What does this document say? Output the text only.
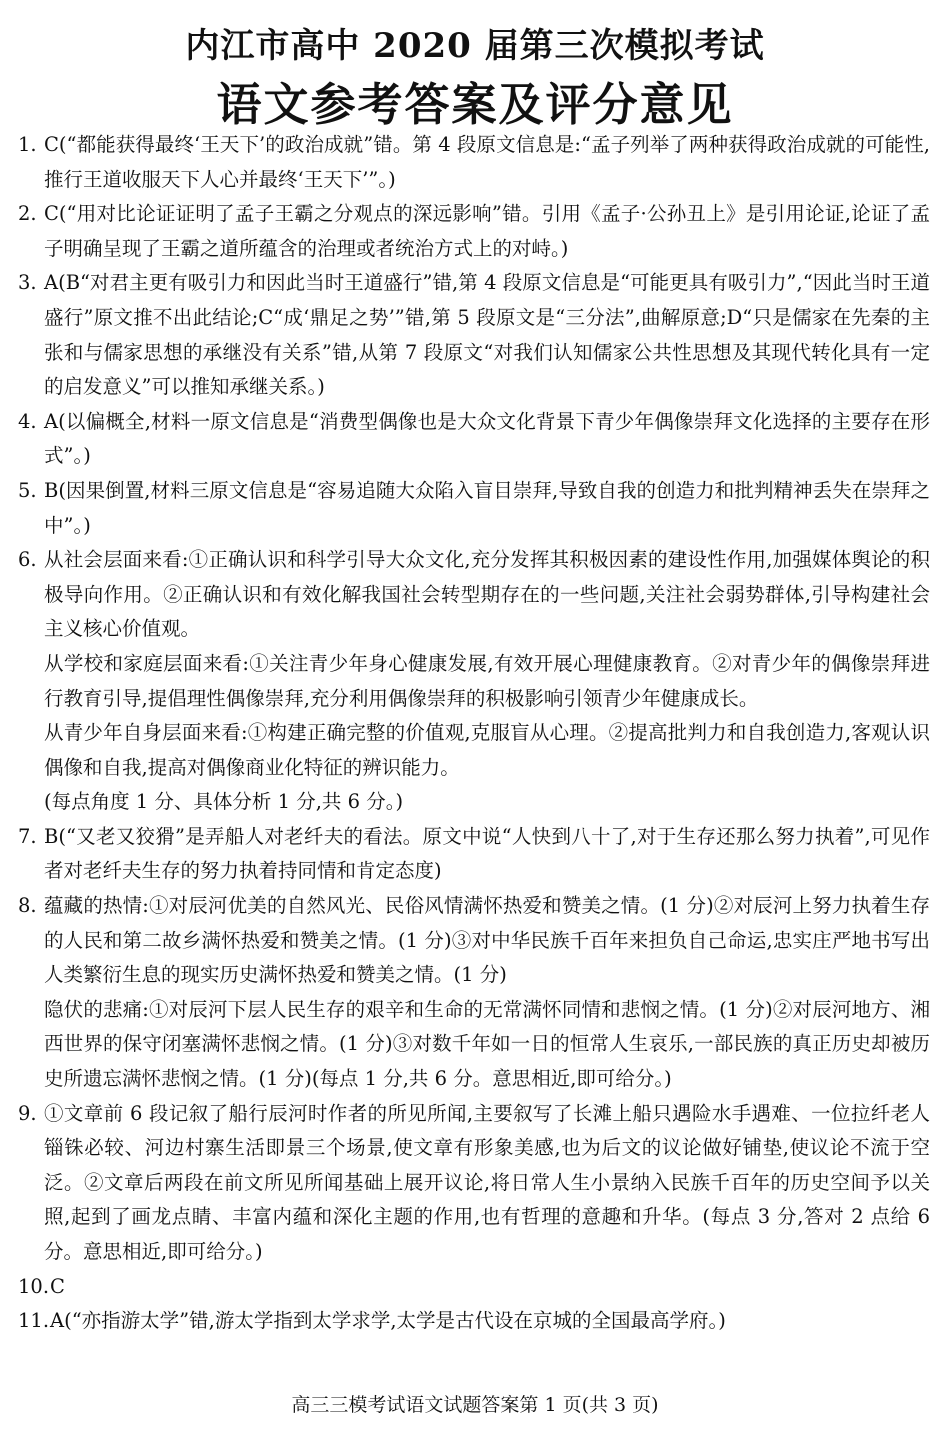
内江市高中 2020 届第三次模拟考试
语文参考答案及评分意见
1. C(“都能获得最终‘王天下’的政治成就”错。第 4 段原文信息是:“孟子列举了两种获得政治成就的可能性,推行王道收服天下人心并最终‘王天下’”。)
2. C(“用对比论证证明了孟子王霸之分观点的深远影响”错。引用《孟子·公孙丑上》是引用论证,论证了孟子明确呈现了王霸之道所蕴含的治理或者统治方式上的对峙。)
3. A(B“对君主更有吸引力和因此当时王道盛行”错,第 4 段原文信息是“可能更具有吸引力”,“因此当时王道盛行”原文推不出此结论;C“成‘鼎足之势’”错,第 5 段原文是“三分法”,曲解原意;D“只是儒家在先秦的主张和与儒家思想的承继没有关系”错,从第 7 段原文“对我们认知儒家公共性思想及其现代转化具有一定的启发意义”可以推知承继关系。)
4. A(以偏概全,材料一原文信息是“消费型偶像也是大众文化背景下青少年偶像崇拜文化选择的主要存在形式”。)
5. B(因果倒置,材料三原文信息是“容易追随大众陷入盲目崇拜,导致自我的创造力和批判精神丢失在崇拜之中”。)
6. 从社会层面来看:①正确认识和科学引导大众文化,充分发挥其积极因素的建设性作用,加强媒体舆论的积极导向作用。②正确认识和有效化解我国社会转型期存在的一些问题,关注社会弱势群体,引导构建社会主义核心价值观。
从学校和家庭层面来看:①关注青少年身心健康发展,有效开展心理健康教育。②对青少年的偶像崇拜进行教育引导,提倡理性偶像崇拜,充分利用偶像崇拜的积极影响引领青少年健康成长。
从青少年自身层面来看:①构建正确完整的价值观,克服盲从心理。②提高批判力和自我创造力,客观认识偶像和自我,提高对偶像商业化特征的辨识能力。
(每点角度 1 分、具体分析 1 分,共 6 分。)
7. B(“又老又狡猾”是弄船人对老纤夫的看法。原文中说“人快到八十了,对于生存还那么努力执着”,可见作者对老纤夫生存的努力执着持同情和肯定态度)
8. 蕴藏的热情:①对辰河优美的自然风光、民俗风情满怀热爱和赞美之情。(1 分)②对辰河上努力执着生存的人民和第二故乡满怀热爱和赞美之情。(1 分)③对中华民族千百年来担负自己命运,忠实庄严地书写出人类繁衍生息的现实历史满怀热爱和赞美之情。(1 分)
隐伏的悲痛:①对辰河下层人民生存的艰辛和生命的无常满怀同情和悲悯之情。(1 分)②对辰河地方、湘西世界的保守闭塞满怀悲悯之情。(1 分)③对数千年如一日的恒常人生哀乐,一部民族的真正历史却被历史所遗忘满怀悲悯之情。(1 分)(每点 1 分,共 6 分。意思相近,即可给分。)
9. ①文章前 6 段记叙了船行辰河时作者的所见所闻,主要叙写了长滩上船只遇险水手遇难、一位拉纤老人锱铢必较、河边村寨生活即景三个场景,使文章有形象美感,也为后文的议论做好铺垫,使议论不流于空泛。②文章后两段在前文所见所闻基础上展开议论,将日常人生小景纳入民族千百年的历史空间予以关照,起到了画龙点睛、丰富内蕴和深化主题的作用,也有哲理的意趣和升华。(每点 3 分,答对 2 点给 6 分。意思相近,即可给分。)
10. C
11. A(“亦指游太学”错,游太学指到太学求学,太学是古代设在京城的全国最高学府。)
高三三模考试语文试题答案第 1 页(共 3 页)
